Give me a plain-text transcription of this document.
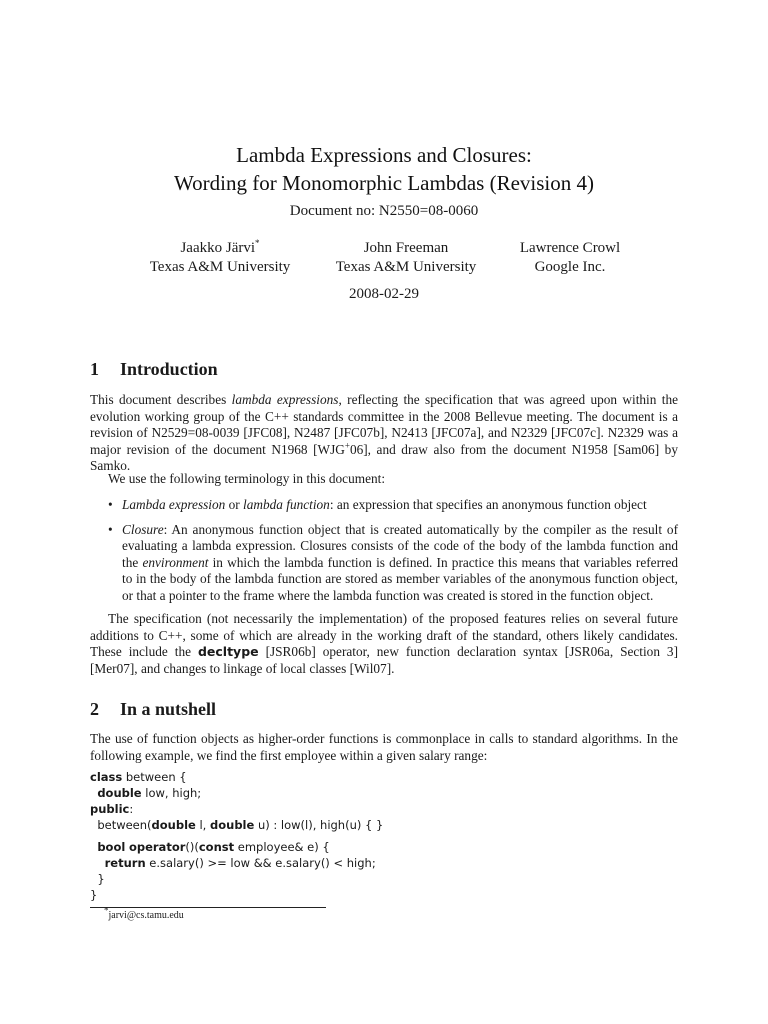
Lambda Expressions and Closures:
Wording for Monomorphic Lambdas (Revision 4)
Document no: N2550=08-0060
Jaakko Järvi*
Texas A&M University
John Freeman
Texas A&M University
Lawrence Crowl
Google Inc.
2008-02-29
1 Introduction

This document describes lambda expressions, reflecting the specification that was agreed upon within the evolution working group of the C++ standards committee in the 2008 Bellevue meeting. The document is a revision of N2529=08-0039 [JFC08], N2487 [JFC07b], N2413 [JFC07a], and N2329 [JFC07c]. N2329 was a major revision of the document N1968 [WJG+06], and draw also from the document N1958 [Sam06] by Samko.

We use the following terminology in this document:

• Lambda expression or lambda function: an expression that specifies an anonymous function object
• Closure: An anonymous function object that is created automatically by the compiler as the result of evaluating a lambda expression. Closures consists of the code of the body of the lambda function and the environment in which the lambda function is defined. In practice this means that variables referred to in the body of the lambda function are stored as member variables of the anonymous function object, or that a pointer to the frame where the lambda function was created is stored in the function object.

The specification (not necessarily the implementation) of the proposed features relies on several future additions to C++, some of which are already in the working draft of the standard, others likely candidates. These include the decltype [JSR06b] operator, new function declaration syntax [JSR06a, Section 3][Mer07], and changes to linkage of local classes [Wil07].

2 In a nutshell

The use of function objects as higher-order functions is commonplace in calls to standard algorithms. In the following example, we find the first employee within a given salary range:

class between {
double low, high;
public:
between(double l, double u) : low(l), high(u) { }
bool operator()(const employee& e) {
return e.salary() >= low && e.salary() < high;
}
}
*jarvi@cs.tamu.edu
